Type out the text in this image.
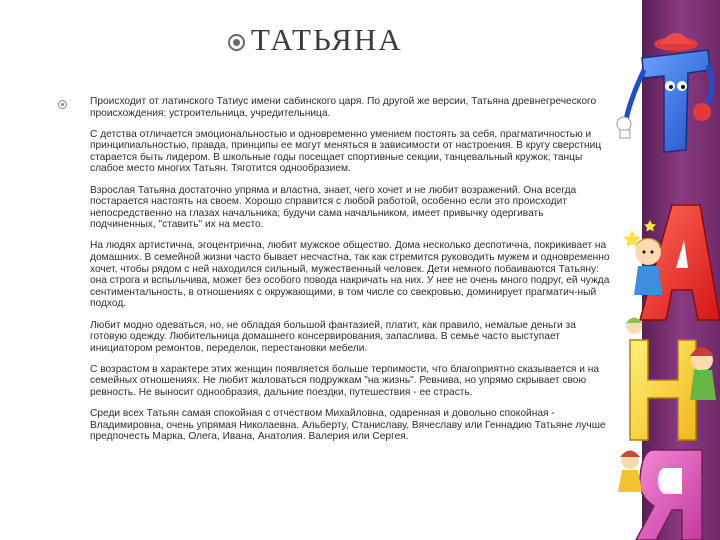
ТАТЬЯНА

Происходит от латинского Татиус имени сабинского царя. По другой же версии, Татьяна древнегреческого происхождения: устроительница, учредительница.

С детства отличается эмоциональностью и одновременно умением постоять за себя, прагматичностью и принципиальностью, правда, принципы ее могут меняться в зависимости от настроения. В кругу сверстниц старается быть лидером. В школьные годы посещает спортивные секции, танцевальный кружок; танцы слабое место многих Татьян. Тяготится однообразием.

Взрослая Татьяна достаточно упряма и властна, знает, чего хочет и не любит возражений. Она всегда постарается настоять на своем. Хорошо справится с любой работой, особенно если это происходит непосредственно на глазах начальника; будучи сама начальником, имеет привычку одергивать подчиненных, "ставить" их на место.

На людях артистична, эгоцентрична, любит мужское общество. Дома несколько деспотична, покрикивает на домашних. В семейной жизни часто бывает несчастна, так как стремится руководить мужем и одновременно хочет, чтобы рядом с ней находился сильный, мужественный человек. Дети немного побаиваются Татьяну: она строга и вспыльчива, может без особого повода накричать на них. У нее не очень много подруг, ей чужда сентиментальность, в отношениях с окружающими, в том числе со свекровью, доминирует прагматич-ный подход.

Любит модно одеваться, но, не обладая большой фантазией, платит, как правило, немалые деньги за готовую одежду. Любительница домашнего консервирования, запаслива. В семье часто выступает инициатором ремонтов, переделок, перестановки мебели.

С возрастом в характере этих женщин появляется больше терпимости, что благоприятно сказывается и на семейных отношениях. Не любит жаловаться подружкам "на жизнь". Ревнива, но упрямо скрывает свою ревность. Не выносит однообразия, дальние поездки, путешествия - ее страсть.

Среди всех Татьян самая спокойная с отчеством Михайловна, одаренная и довольно спокойная - Владимировна, очень упрямая Николаевна. Альберту, Станиславу, Вячеславу или Геннадию Татьяне лучше предпочесть Марка, Олега, Ивана, Анатолия. Валерия или Сергея.
